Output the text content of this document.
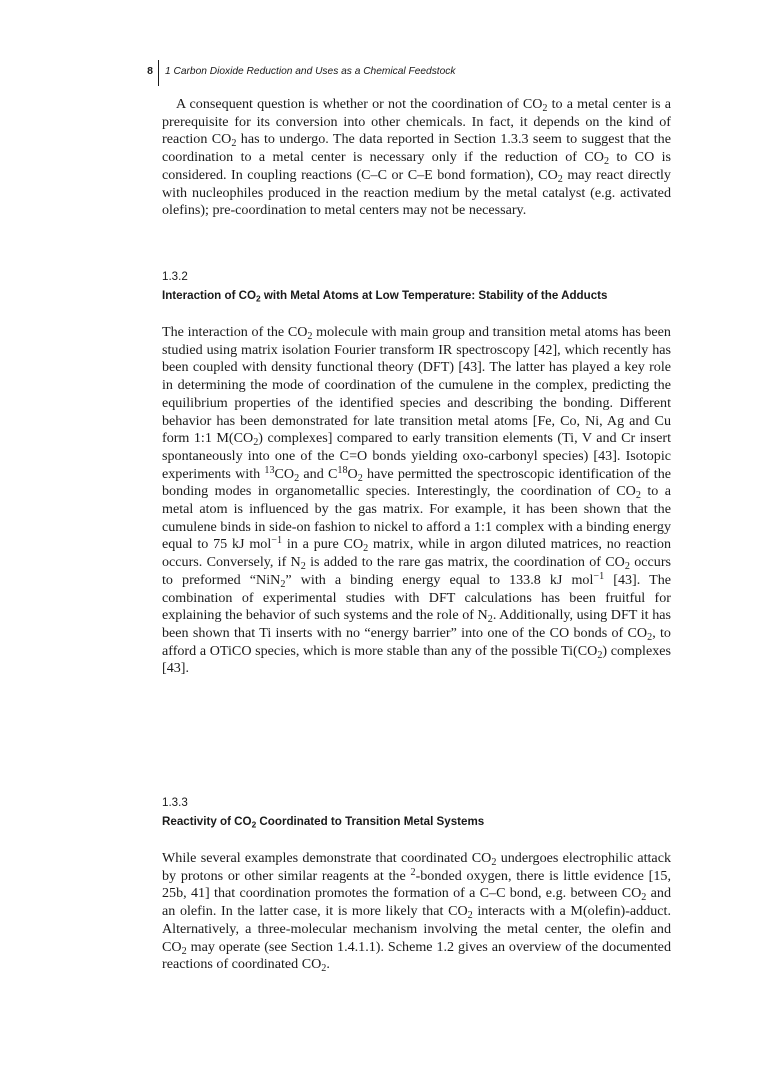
8 1 Carbon Dioxide Reduction and Uses as a Chemical Feedstock

A consequent question is whether or not the coordination of $CO_2$ to a metal center is a prerequisite for its conversion into other chemicals. In fact, it depends on the kind of reaction $CO_2$ has to undergo. The data reported in Section 1.3.3 seem to suggest that the coordination to a metal center is necessary only if the reduction of $CO_2$ to CO is considered. In coupling reactions (C–C or C–E bond formation), $CO_2$ may react directly with nucleophiles produced in the reaction medium by the metal catalyst (e.g. activated olefins); pre-coordination to metal centers may not be necessary.

1.3.2
Interaction of $CO_2$ with Metal Atoms at Low Temperature: Stability of the Adducts

The interaction of the $CO_2$ molecule with main group and transition metal atoms has been studied using matrix isolation Fourier transform IR spectroscopy [42], which recently has been coupled with density functional theory (DFT) [43]. The latter has played a key role in determining the mode of coordination of the cumulene in the complex, predicting the equilibrium properties of the identified species and describing the bonding. Different behavior has been demonstrated for late transition metal atoms [Fe, Co, Ni, Ag and Cu form 1:1 $M(CO_2)$ complexes] compared to early transition elements (Ti, V and Cr insert spontaneously into one of the C=O bonds yielding oxo-carbonyl species) [43]. Isotopic experiments with $^{13}CO_2$ and $C^{18}O_2$ have permitted the spectroscopic identification of the bonding modes in organometallic species. Interestingly, the coordination of $CO_2$ to a metal atom is influenced by the gas matrix. For example, it has been shown that the cumulene binds in side-on fashion to nickel to afford a 1:1 complex with a binding energy equal to 75 kJ mol$^{-1}$ in a pure $CO_2$ matrix, while in argon diluted matrices, no reaction occurs. Conversely, if $N_2$ is added to the rare gas matrix, the coordination of $CO_2$ occurs to preformed “NiN$_2$” with a binding energy equal to 133.8 kJ mol$^{-1}$ [43]. The combination of experimental studies with DFT calculations has been fruitful for explaining the behavior of such systems and the role of $N_2$. Additionally, using DFT it has been shown that Ti inserts with no “energy barrier” into one of the CO bonds of $CO_2$, to afford a OTiCO species, which is more stable than any of the possible $Ti(CO_2)$ complexes [43].

1.3.3
Reactivity of $CO_2$ Coordinated to Transition Metal Systems

While several examples demonstrate that coordinated $CO_2$ undergoes electrophilic attack by protons or other similar reagents at the $^2$-bonded oxygen, there is little evidence [15, 25b, 41] that coordination promotes the formation of a C–C bond, e.g. between $CO_2$ and an olefin. In the latter case, it is more likely that $CO_2$ interacts with a M(olefin)-adduct. Alternatively, a three-molecular mechanism involving the metal center, the olefin and $CO_2$ may operate (see Section 1.4.1.1). Scheme 1.2 gives an overview of the documented reactions of coordinated $CO_2$.
